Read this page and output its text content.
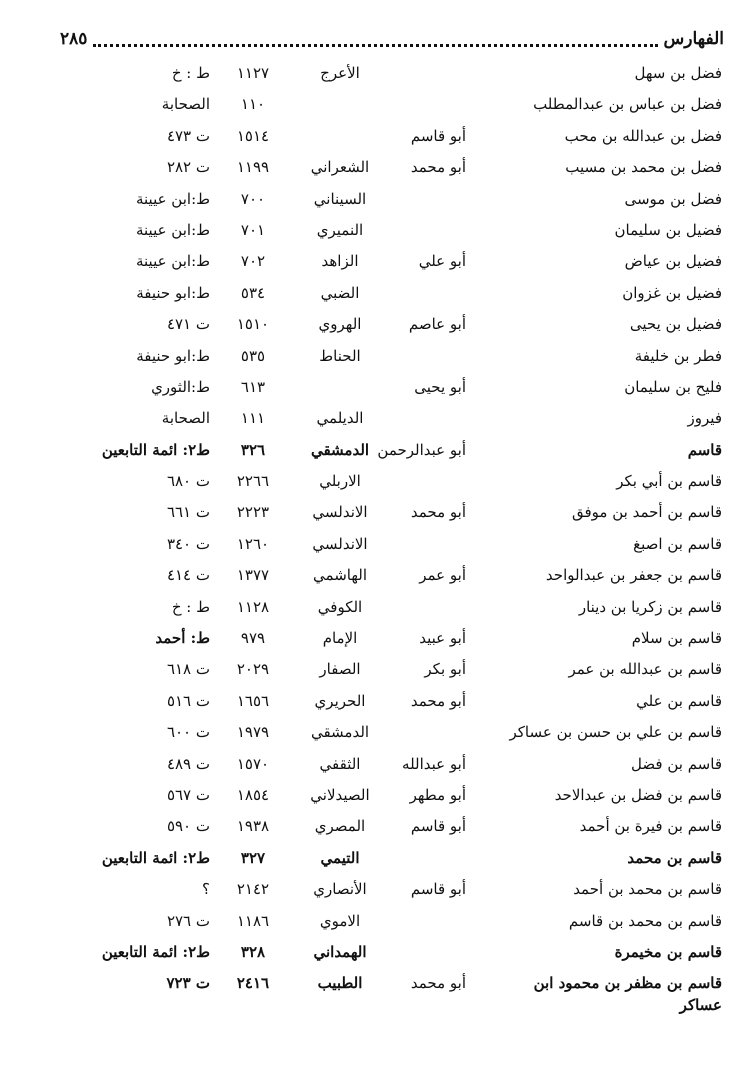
الفهارس
٢٨٥
فضل بن سهل
الأعرج
١١٢٧
ط : خ
فضل بن عباس بن عبدالمطلب
١١٠
الصحابة
فضل بن عبدالله بن محب
أبو قاسم
١٥١٤
ت ٤٧٣
فضل بن محمد بن مسيب
أبو محمد
الشعراني
١١٩٩
ت ٢٨٢
فضل بن موسى
السيناني
٧٠٠
ط:ابن عيينة
فضيل بن سليمان
النميري
٧٠١
ط:ابن عيينة
فضيل بن عياض
أبو علي
الزاهد
٧٠٢
ط:ابن عيينة
فضيل بن غزوان
الضبي
٥٣٤
ط:ابو حنيفة
فضيل بن يحيى
أبو عاصم
الهروي
١٥١٠
ت ٤٧١
فطر بن خليفة
الحناط
٥٣٥
ط:ابو حنيفة
فليح بن سليمان
أبو يحيى
٦١٣
ط:الثوري
فيروز
الديلمي
١١١
الصحابة
قاسم
أبو عبدالرحمن
الدمشقي
٣٢٦
ط٢: ائمة التابعين
قاسم بن أبي بكر
الاربلي
٢٢٦٦
ت ٦٨٠
قاسم بن أحمد بن موفق
أبو محمد
الاندلسي
٢٢٢٣
ت ٦٦١
قاسم بن اصبغ
الاندلسي
١٢٦٠
ت ٣٤٠
قاسم بن جعفر بن عبدالواحد
أبو عمر
الهاشمي
١٣٧٧
ت ٤١٤
قاسم بن زكريا بن دينار
الكوفي
١١٢٨
ط : خ
قاسم بن سلام
أبو عبيد
الإمام
٩٧٩
ط: أحمد
قاسم بن عبدالله بن عمر
أبو بكر
الصفار
٢٠٢٩
ت ٦١٨
قاسم بن علي
أبو محمد
الحريري
١٦٥٦
ت ٥١٦
قاسم بن علي بن حسن بن عساكر
الدمشقي
١٩٧٩
ت ٦٠٠
قاسم بن فضل
أبو عبدالله
الثقفي
١٥٧٠
ت ٤٨٩
قاسم بن فضل بن عبدالاحد
أبو مطهر
الصيدلاني
١٨٥٤
ت ٥٦٧
قاسم بن فيرة بن أحمد
أبو قاسم
المصري
١٩٣٨
ت ٥٩٠
قاسم بن محمد
التيمي
٣٢٧
ط٢: ائمة التابعين
قاسم بن محمد بن أحمد
أبو قاسم
الأنصاري
٢١٤٢
؟
قاسم بن محمد بن قاسم
الاموي
١١٨٦
ت ٢٧٦
قاسم بن مخيمرة
الهمداني
٣٢٨
ط٢: ائمة التابعين
قاسم بن مظفر بن محمود ابن
أبو محمد
الطبيب
٢٤١٦
ت ٧٢٣
عساكر
